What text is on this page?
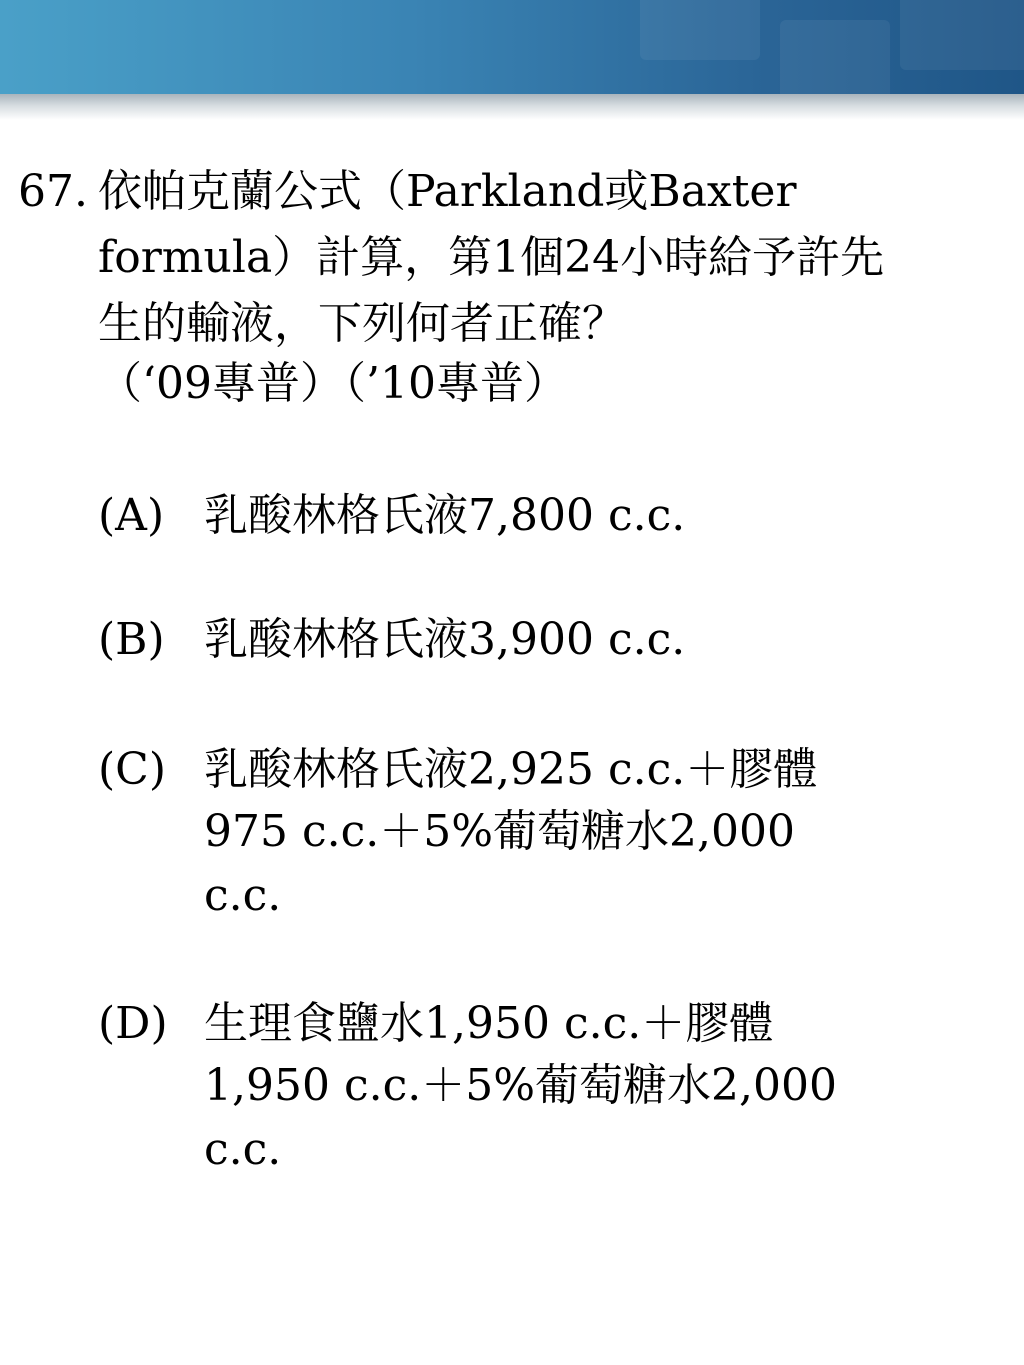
67. 依帕克蘭公式（Parkland或Baxter
formula）計算，第1個24小時給予許先
生的輸液，下列何者正確？
（‘09專普）（’10專普）
(A) 乳酸林格氏液7,800 c.c.
(B) 乳酸林格氏液3,900 c.c.
(C) 乳酸林格氏液2,925 c.c.＋膠體
975 c.c.＋5%葡萄糖水2,000
c.c.
(D) 生理食鹽水1,950 c.c.＋膠體
1,950 c.c.＋5%葡萄糖水2,000
c.c.
